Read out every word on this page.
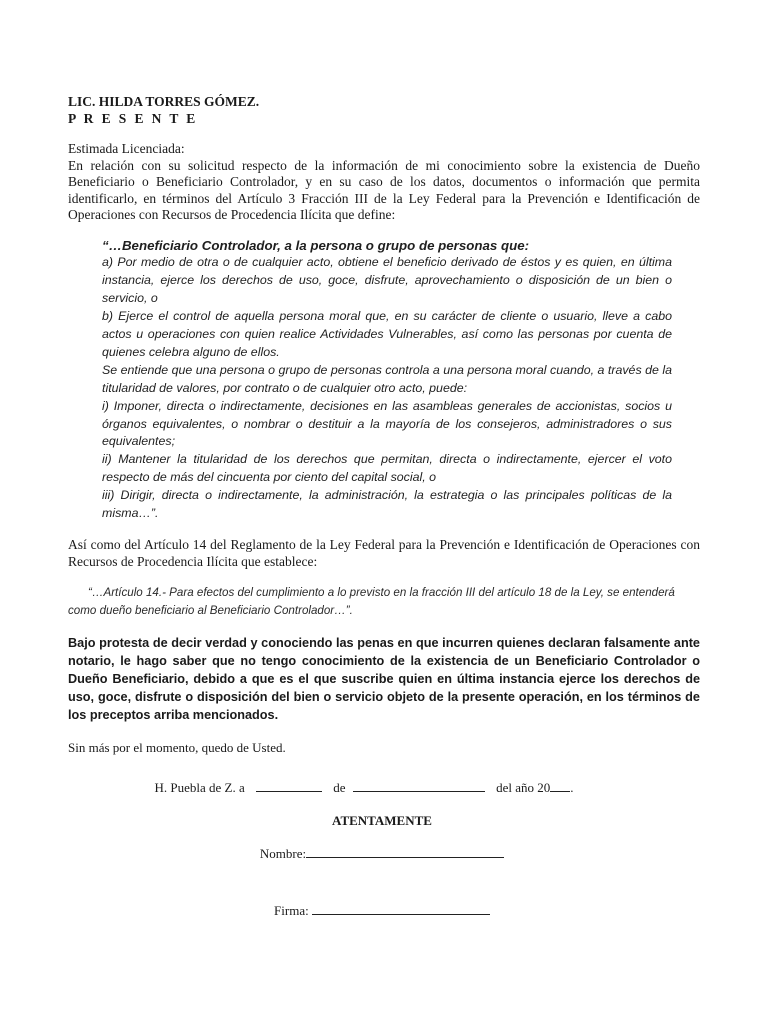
LIC. HILDA TORRES GÓMEZ.

P R E S E N T E

Estimada Licenciada:

En relación con su solicitud respecto de la información de mi conocimiento sobre la existencia de Dueño Beneficiario o Beneficiario Controlador, y en su caso de los datos, documentos o información que permita identificarlo, en términos del Artículo 3 Fracción III de la Ley Federal para la Prevención e Identificación de Operaciones con Recursos de Procedencia Ilícita que define:

“…Beneficiario Controlador, a la persona o grupo de personas que:

a) Por medio de otra o de cualquier acto, obtiene el beneficio derivado de éstos y es quien, en última instancia, ejerce los derechos de uso, goce, disfrute, aprovechamiento o disposición de un bien o servicio, o

b) Ejerce el control de aquella persona moral que, en su carácter de cliente o usuario, lleve a cabo actos u operaciones con quien realice Actividades Vulnerables, así como las personas por cuenta de quienes celebra alguno de ellos.

Se entiende que una persona o grupo de personas controla a una persona moral cuando, a través de la titularidad de valores, por contrato o de cualquier otro acto, puede:

i) Imponer, directa o indirectamente, decisiones en las asambleas generales de accionistas, socios u órganos equivalentes, o nombrar o destituir a la mayoría de los consejeros, administradores o sus equivalentes;

ii) Mantener la titularidad de los derechos que permitan, directa o indirectamente, ejercer el voto respecto de más del cincuenta por ciento del capital social, o

iii) Dirigir, directa o indirectamente, la administración, la estrategia o las principales políticas de la misma…”.

Así como del Artículo 14 del Reglamento de la Ley Federal para la Prevención e Identificación de Operaciones con Recursos de Procedencia Ilícita que establece:

“…Artículo 14.- Para efectos del cumplimiento a lo previsto en la fracción III del artículo 18 de la Ley, se entenderá como dueño beneficiario al Beneficiario Controlador…”.

Bajo protesta de decir verdad y conociendo las penas en que incurren quienes declaran falsamente ante notario, le hago saber que no tengo conocimiento de la existencia de un Beneficiario Controlador o Dueño Beneficiario, debido a que es el que suscribe quien en última instancia ejerce los derechos de uso, goce, disfrute o disposición del bien o servicio objeto de la presente operación, en los términos de los preceptos arriba mencionados.

Sin más por el momento, quedo de Usted.

H. Puebla de Z. a	de	del año 20 .

ATENTAMENTE

Nombre:

Firma:
